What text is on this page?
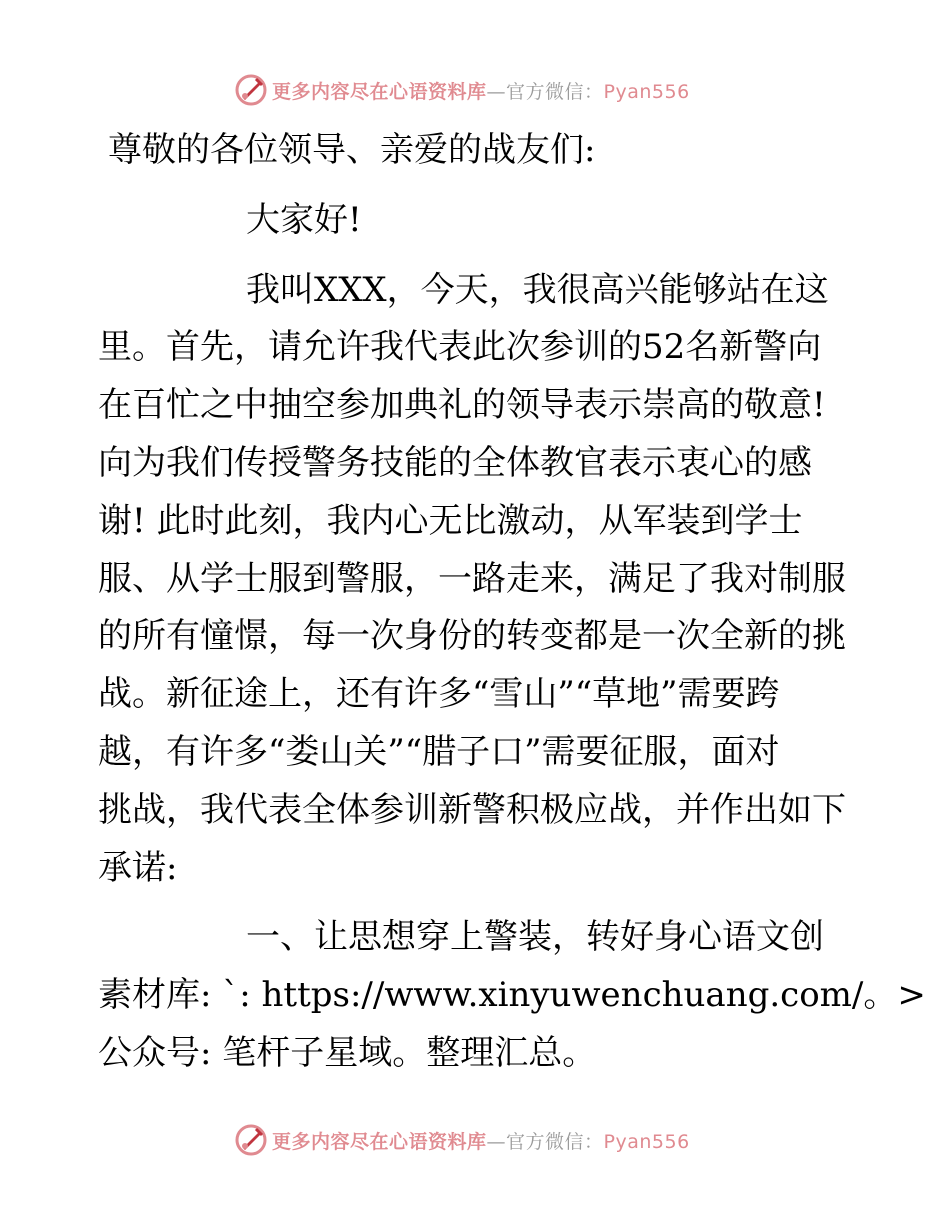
更多内容尽在心语资料库—官方微信：Pyan556
尊敬的各位领导、亲爱的战友们:
大家好!
我叫XXX，今天，我很高兴能够站在这
里。首先，请允许我代表此次参训的52名新警向
在百忙之中抽空参加典礼的领导表示崇高的敬意!
向为我们传授警务技能的全体教官表示衷心的感
谢! 此时此刻，我内心无比激动，从军装到学士
服、从学士服到警服，一路走来，满足了我对制服
的所有憧憬，每一次身份的转变都是一次全新的挑
战。新征途上，还有许多“雪山”“草地”需要跨
越，有许多“娄山关”“腊子口”需要征服，面对
挑战，我代表全体参训新警积极应战，并作出如下
承诺:
一、让思想穿上警装，转好身心语文创
素材库: `: https://www.xinyuwenchuang.com/。>
公众号: 笔杆子星域。整理汇总。
更多内容尽在心语资料库—官方微信：Pyan556
